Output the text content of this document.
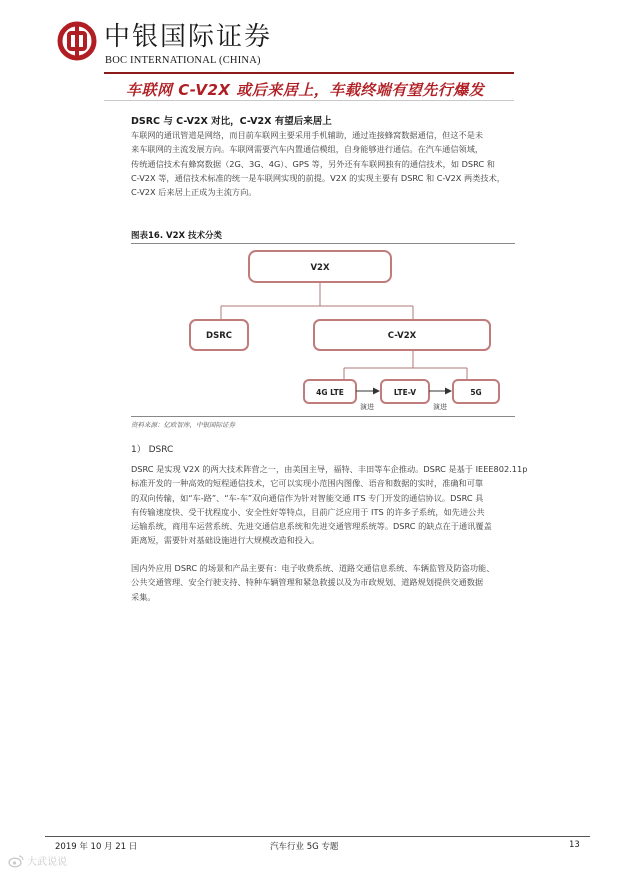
中银国际证券
BOC INTERNATIONAL (CHINA)
车联网 C-V2X 或后来居上，车载终端有望先行爆发
DSRC 与 C-V2X 对比，C-V2X 有望后来居上
车联网的通讯管道是网络，而目前车联网主要采用手机辅助，通过连接蜂窝数据通信，但这不是未
来车联网的主流发展方向。车联网需要汽车内置通信模组，自身能够进行通信。在汽车通信领域，
传统通信技术有蜂窝数据（2G、3G、4G）、GPS 等，另外还有车联网独有的通信技术，如 DSRC 和
C-V2X 等，通信技术标准的统一是车联网实现的前提。V2X 的实现主要有 DSRC 和 C-V2X 两类技术，
C-V2X 后来居上正成为主流方向。
图表16. V2X 技术分类
V2X
DSRC	C-V2X
4G LTE	LTE-V	5G
演进	演进
资料来源：亿欧智库，中银国际证券
1） DSRC
DSRC 是实现 V2X 的两大技术阵营之一，由美国主导，福特、丰田等车企推动。DSRC 是基于 IEEE802.11p
标准开发的一种高效的短程通信技术，它可以实现小范围内图像、语音和数据的实时，准确和可靠
的双向传输，如“车-路”、“车-车”双向通信作为针对智能交通 ITS 专门开发的通信协议。DSRC 具
有传输速度快、受干扰程度小、安全性好等特点，目前广泛应用于 ITS 的许多子系统，如先进公共
运输系统，商用车运营系统、先进交通信息系统和先进交通管理系统等。DSRC 的缺点在于通讯覆盖
距离短，需要针对基础设施进行大规模改造和投入。
国内外应用 DSRC 的场景和产品主要有：电子收费系统、道路交通信息系统、车辆监管及防盗功能、
公共交通管理、安全行驶支持、特种车辆管理和紧急救援以及为市政规划、道路规划提供交通数据
采集。
2019 年 10 月 21 日	汽车行业 5G 专题	13
大武说说
